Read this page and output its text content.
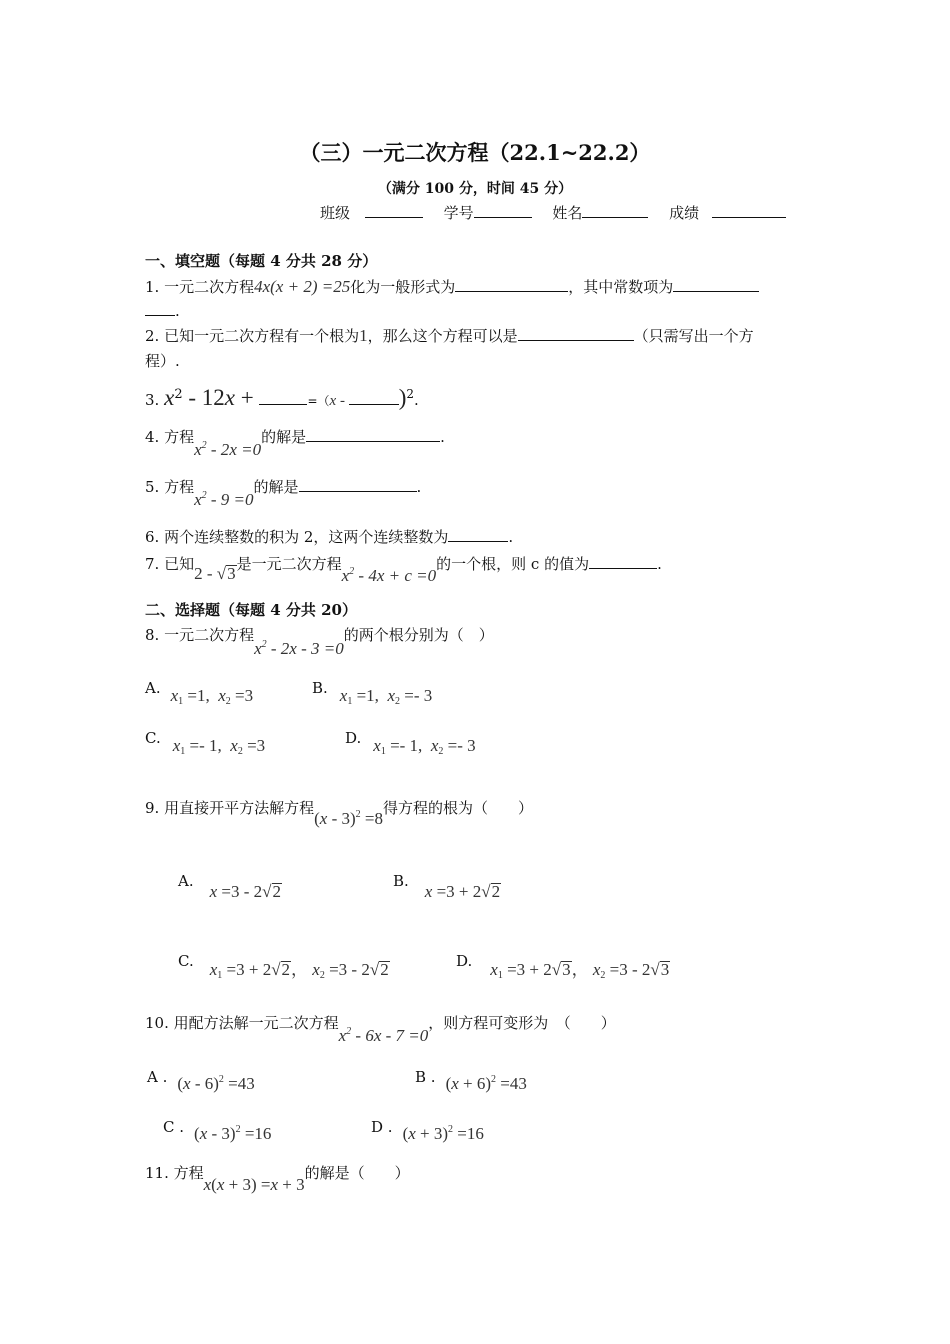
（三）一元二次方程（22.1~22.2）
（满分 100 分，时间 45 分）
班级	学号	姓名	成绩
一、填空题（每题 4 分共 28 分）
1. 一元二次方程4x(x + 2) =25化为一般形式为	，其中常数项为
.
2. 已知一元二次方程有一个根为1，那么这个方程可以是	（只需写出一个方
程）.
3. $x^2 - 12x$ +	=（x - )$^2$.
4. 方程$x^2 - 2x =0$的解是	.
5. 方程$x^2 - 9 =0$的解是	.
6. 两个连续整数的积为 2，这两个连续整数为	.
7. 已知2 - √3是一元二次方程$x^2 - 4x + c =0$的一个根，则 c 的值为	.
二、选择题（每题 4 分共 20）
8. 一元二次方程$x^2 - 2x - 3 =0$的两个根分别为（　）
A. $x_1 =1$,  $x_2 =3$	B. $x_1 =1$,  $x_2 =- 3$
C. $x_1 =- 1$,  $x_2 =3$	D. $x_1 =- 1$,  $x_2 =- 3$
9. 用直接开平方法解方程(x - 3)$^2$ =8得方程的根为（　　）
A.x =3 - 2√2
B.x =3 + 2√2
C. $x_1 =3 + 2√2$， $x_2 =3 - 2√2$	D. $x_1 =3 + 2√3$， $x_2 =3 - 2√3$
10. 用配方法解一元二次方程$x^2 - 6x - 7 =0$，则方程可变形为　（　　）
A . (x - 6)$^2$ =43	B . $(x + 6)^2 =43$
C . (x - 3)$^2$ =16	D . $(x + 3)^2 =16$
11. 方程x(x + 3) =x + 3的解是（　　）
